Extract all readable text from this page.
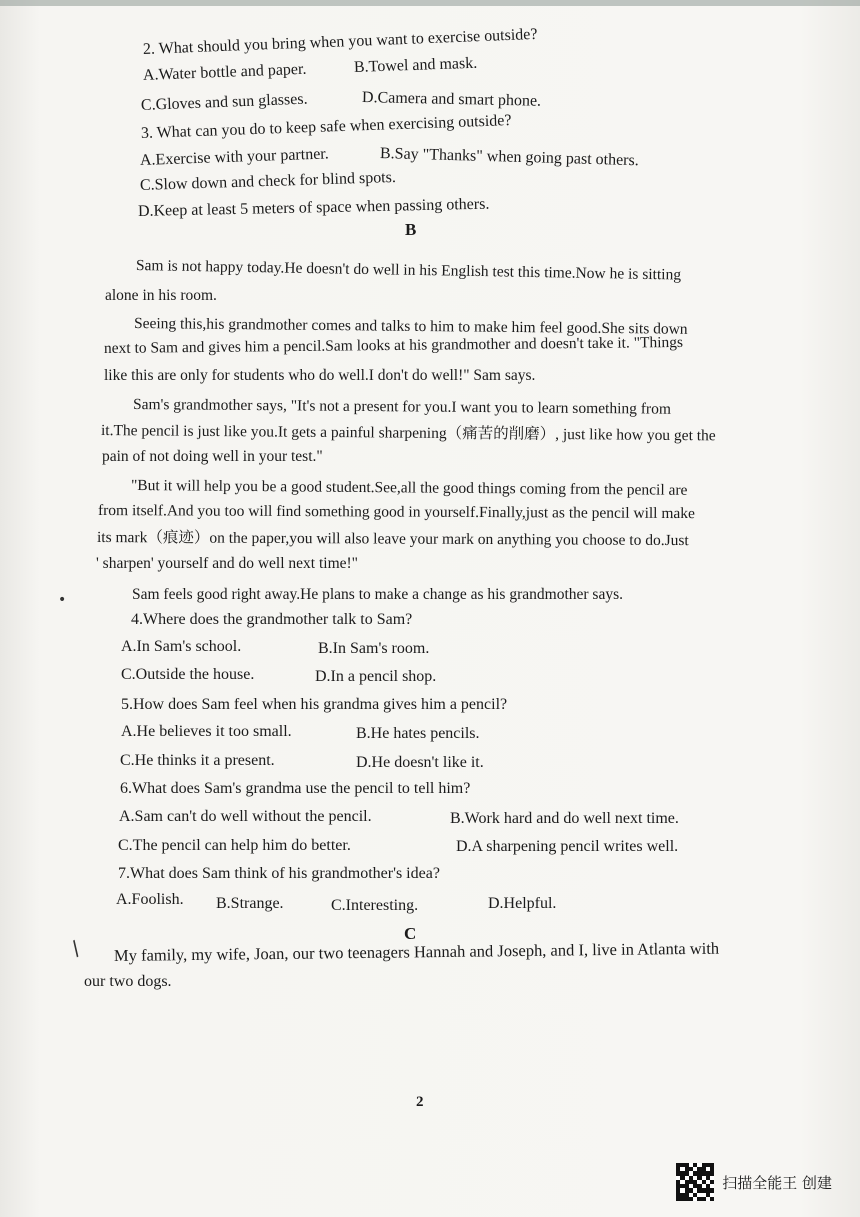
2. What should you bring when you want to exercise outside?
A.Water bottle and paper.	B.Towel and mask.
C.Gloves and sun glasses.	D.Camera and smart phone.
3. What can you do to keep safe when exercising outside?
A.Exercise with your partner.	B.Say "Thanks" when going past others.
C.Slow down and check for blind spots.
D.Keep at least 5 meters of space when passing others.
B
Sam is not happy today.He doesn't do well in his English test this time.Now he is sitting
alone in his room.
Seeing this,his grandmother comes and talks to him to make him feel good.She sits down
next to Sam and gives him a pencil.Sam looks at his grandmother and doesn't take it. "Things
like this are only for students who do well.I don't do well!" Sam says.
Sam's grandmother says, "It's not a present for you.I want you to learn something from
it.The pencil is just like you.It gets a painful sharpening（痛苦的削磨）, just like how you get the
pain of not doing well in your test."
"But it will help you be a good student.See,all the good things coming from the pencil are
from itself.And you too will find something good in yourself.Finally,just as the pencil will make
its mark（痕迹）on the paper,you will also leave your mark on anything you choose to do.Just
' sharpen' yourself and do well next time!"
Sam feels good right away.He plans to make a change as his grandmother says.
•
4.Where does the grandmother talk to Sam?
A.In Sam's school.	B.In Sam's room.
C.Outside the house.	D.In a pencil shop.
5.How does Sam feel when his grandma gives him a pencil?
A.He believes it too small.	B.He hates pencils.
C.He thinks it a present.	D.He doesn't like it.
6.What does Sam's grandma use the pencil to tell him?
A.Sam can't do well without the pencil.	B.Work hard and do well next time.
C.The pencil can help him do better.	D.A sharpening pencil writes well.
7.What does Sam think of his grandmother's idea?
A.Foolish. B.Strange.	C.Interesting.	D.Helpful.
C
/ My family, my wife, Joan, our two teenagers Hannah and Joseph, and I, live in Atlanta with
our two dogs.
2
扫描全能王 创建
